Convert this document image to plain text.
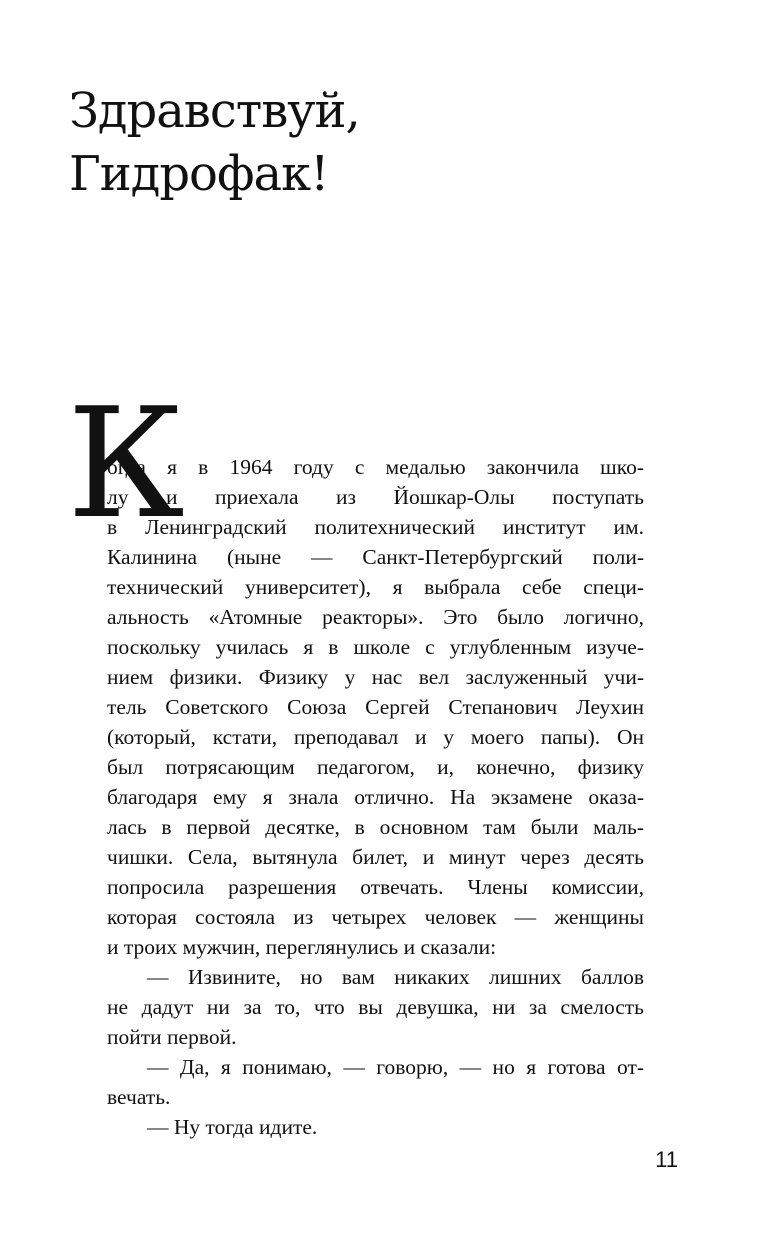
Здравствуй,
Гидрофак!
К
огда я в 1964 году с медалью закончила шко-
лу и приехала из Йошкар-Олы поступать
в Ленинградский политехнический институт им.
Калинина (ныне — Санкт-Петербургский поли-
технический университет), я выбрала себе специ-
альность «Атомные реакторы». Это было логично,
поскольку училась я в школе с углубленным изуче-
нием физики. Физику у нас вел заслуженный учи-
тель Советского Союза Сергей Степанович Леухин
(который, кстати, преподавал и у моего папы). Он
был потрясающим педагогом, и, конечно, физику
благодаря ему я знала отлично. На экзамене оказа-
лась в первой десятке, в основном там были маль-
чишки. Села, вытянула билет, и минут через десять
попросила разрешения отвечать. Члены комиссии,
которая состояла из четырех человек — женщины
и троих мужчин, переглянулись и сказали:
— Извините, но вам никаких лишних баллов
не дадут ни за то, что вы девушка, ни за смелость
пойти первой.
— Да, я понимаю, — говорю, — но я готова от-
вечать.
— Ну тогда идите.
11
